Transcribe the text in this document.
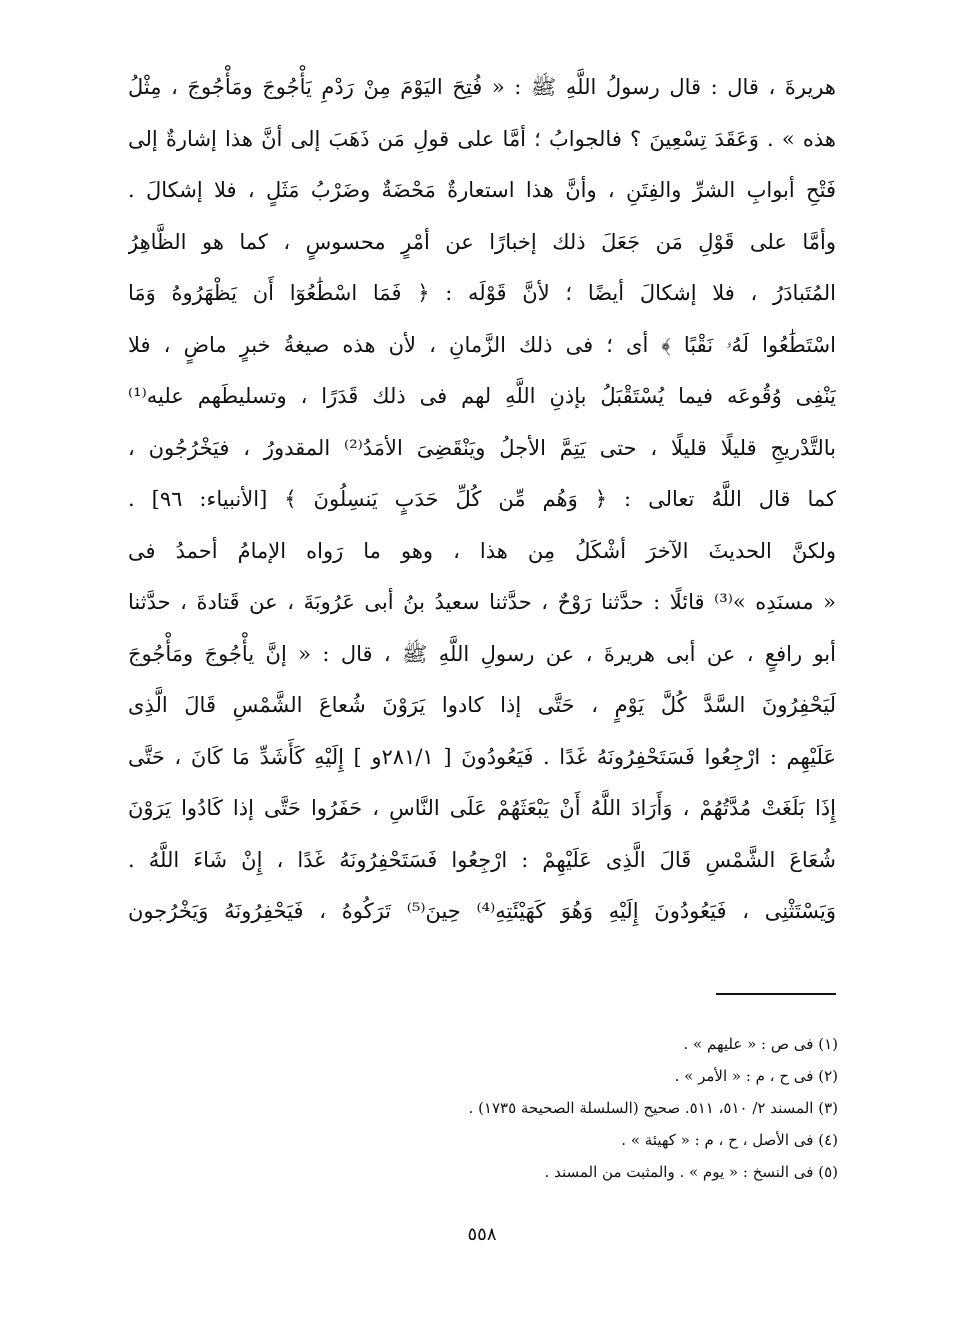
هريرةَ ، قال : قال رسولُ اللَّهِ ﷺ : « فُتِحَ اليَوْمَ مِنْ رَدْمِ يَأْجُوجَ ومَأْجُوجَ ، مِثْلُ
هذه » . وَعَقَدَ تِسْعِينَ ؟ فالجوابُ ؛ أمَّا على قولِ مَن ذَهَبَ إلى أنَّ هذا إشارةٌ إلى
فَتْحِ أبوابِ الشرِّ والفِتَنِ ، وأنَّ هذا استعارةٌ مَحْضَةٌ وضَرْبُ مَثَلٍ ، فلا إشكالَ .
وأمَّا على قَوْلِ مَن جَعَلَ ذلك إخبارًا عن أمْرٍ محسوسٍ ، كما هو الظَّاهِرُ
المُتَبادَرُ ، فلا إشكالَ أيضًا ؛ لأنَّ قَوْلَه : ﴿ فَمَا اسْطَٰعُوٓا أَن يَظْهَرُوهُ وَمَا
اسْتَطَٰعُوا لَهُۥ نَقْبًا ﴾ أى ؛ فى ذلك الزَّمانِ ، لأن هذه صيغةُ خبرٍ ماضٍ ، فلا
يَنْفِى وُقُوعَه فيما يُسْتَقْبَلُ بإذنِ اللَّهِ لهم فى ذلك قَدَرًا ، وتسليطَهم عليه⁽¹⁾
بالتَّدْريجِ قليلًا قليلًا ، حتى يَتِمَّ الأجلُ ويَنْقَضِىَ الأمَدُ⁽²⁾ المقدورُ ، فيَخْرُجُون ،
كما قال اللَّهُ تعالى : ﴿ وَهُم مِّن كُلِّ حَدَبٍ يَنسِلُونَ ﴾ [الأنبياء: ٩٦] .
ولكنَّ الحديثَ الآخرَ أشْكَلُ مِن هذا ، وهو ما رَواه الإمامُ أحمدُ فى
« مسنَدِه »⁽³⁾ قائلًا : حدَّثنا رَوْحٌ ، حدَّثنا سعيدُ بنُ أبى عَرُوبَةَ ، عن قَتادةَ ، حدَّثنا
أبو رافعٍ ، عن أبى هريرةَ ، عن رسولِ اللَّهِ ﷺ ، قال : « إنَّ يأْجُوجَ ومَأْجُوجَ
لَيَحْفِرُونَ السَّدَّ كُلَّ يَوْمٍ ، حَتَّى إذا كادوا يَرَوْنَ شُعاعَ الشَّمْسِ قَالَ الَّذِى
عَلَيْهِم : ارْجِعُوا فَسَتَحْفِرُونَهُ غَدًا . فَيَعُودُونَ [ ٢٨١/١و ] إِلَيْهِ كَأَشَدِّ مَا كَانَ ، حَتَّى
إِذَا بَلَغَتْ مُدَّتُهُمْ ، وَأَرَادَ اللَّهُ أَنْ يَبْعَثَهُمْ عَلَى النَّاسِ ، حَفَرُوا حَتَّى إذا كَادُوا يَرَوْنَ
شُعَاعَ الشَّمْسِ قَالَ الَّذِى عَلَيْهِمْ : ارْجِعُوا فَسَتَحْفِرُونَهُ غَدًا ، إِنْ شَاءَ اللَّهُ .
وَيَسْتَثْنِى ، فَيَعُودُونَ إِلَيْهِ وَهُوَ كَهَيْئَتِهِ⁽⁴⁾ حِينَ⁽⁵⁾ تَرَكُوهُ ، فَيَحْفِرُونَهُ وَيَخْرُجون
(١) فى ص : « عليهم » .
(٢) فى ح ، م : « الأمر » .
(٣) المسند ٢/ ٥١٠، ٥١١. صحيح (السلسلة الصحيحة ١٧٣٥) .
(٤) فى الأصل ، ح ، م : « كهيئة » .
(٥) فى النسخ : « يوم » . والمثبت من المسند .
٥٥٨
